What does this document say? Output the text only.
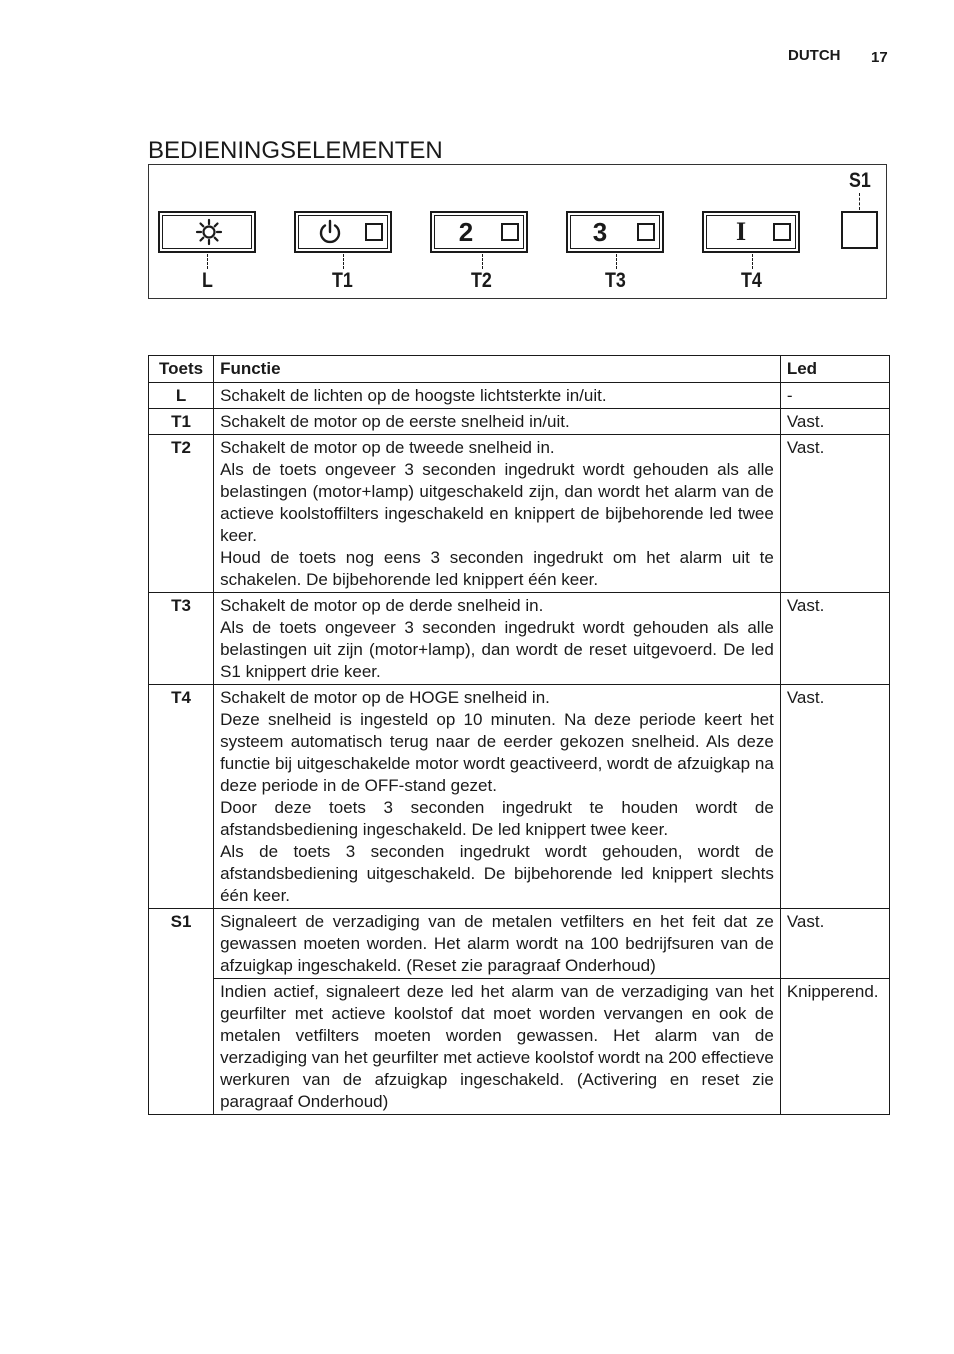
DUTCH 17
BEDIENINGSELEMENTEN
S1
L	T1
2
T2
3
T3
I
T4
Toets	Functie	Led
L	Schakelt de lichten op de hoogste lichtsterkte in/uit.	-
T1	Schakelt de motor op de eerste snelheid in/uit.	Vast.
T2	Schakelt de motor op de tweede snelheid in.
Als de toets ongeveer 3 seconden ingedrukt wordt gehouden als alle belastingen (motor+lamp) uitgeschakeld zijn, dan wordt het alarm van de actieve koolstoffilters ingeschakeld en knippert de bijbehorende led twee keer.
Houd de toets nog eens 3 seconden ingedrukt om het alarm uit te schakelen. De bijbehorende led knippert één keer.	Vast.
T3	Schakelt de motor op de derde snelheid in.
Als de toets ongeveer 3 seconden ingedrukt wordt gehouden als alle belastingen uit zijn (motor+lamp), dan wordt de reset uitgevoerd. De led S1 knippert drie keer.	Vast.
T4	Schakelt de motor op de HOGE snelheid in.
Deze snelheid is ingesteld op 10 minuten. Na deze periode keert het systeem automatisch terug naar de eerder gekozen snelheid. Als deze functie bij uitgeschakelde motor wordt geactiveerd, wordt de afzuigkap na deze periode in de OFF-stand gezet.
Door deze toets 3 seconden ingedrukt te houden wordt de afstandsbediening ingeschakeld. De led knippert twee keer.
Als de toets 3 seconden ingedrukt wordt gehouden, wordt de afstandsbediening uitgeschakeld. De bijbehorende led knippert slechts één keer.	Vast.
S1	Signaleert de verzadiging van de metalen vetfilters en het feit dat ze gewassen moeten worden. Het alarm wordt na 100 bedrijfsuren van de afzuigkap ingeschakeld. (Reset zie paragraaf Onderhoud)	Vast.

	Indien actief, signaleert deze led het alarm van de verzadiging van het geurfilter met actieve koolstof dat moet worden vervangen en ook de metalen vetfilters moeten worden gewassen. Het alarm van de verzadiging van het geurfilter met actieve koolstof wordt na 200 effectieve werkuren van de afzuigkap ingeschakeld. (Activering en reset zie paragraaf Onderhoud)	Knipperend.
